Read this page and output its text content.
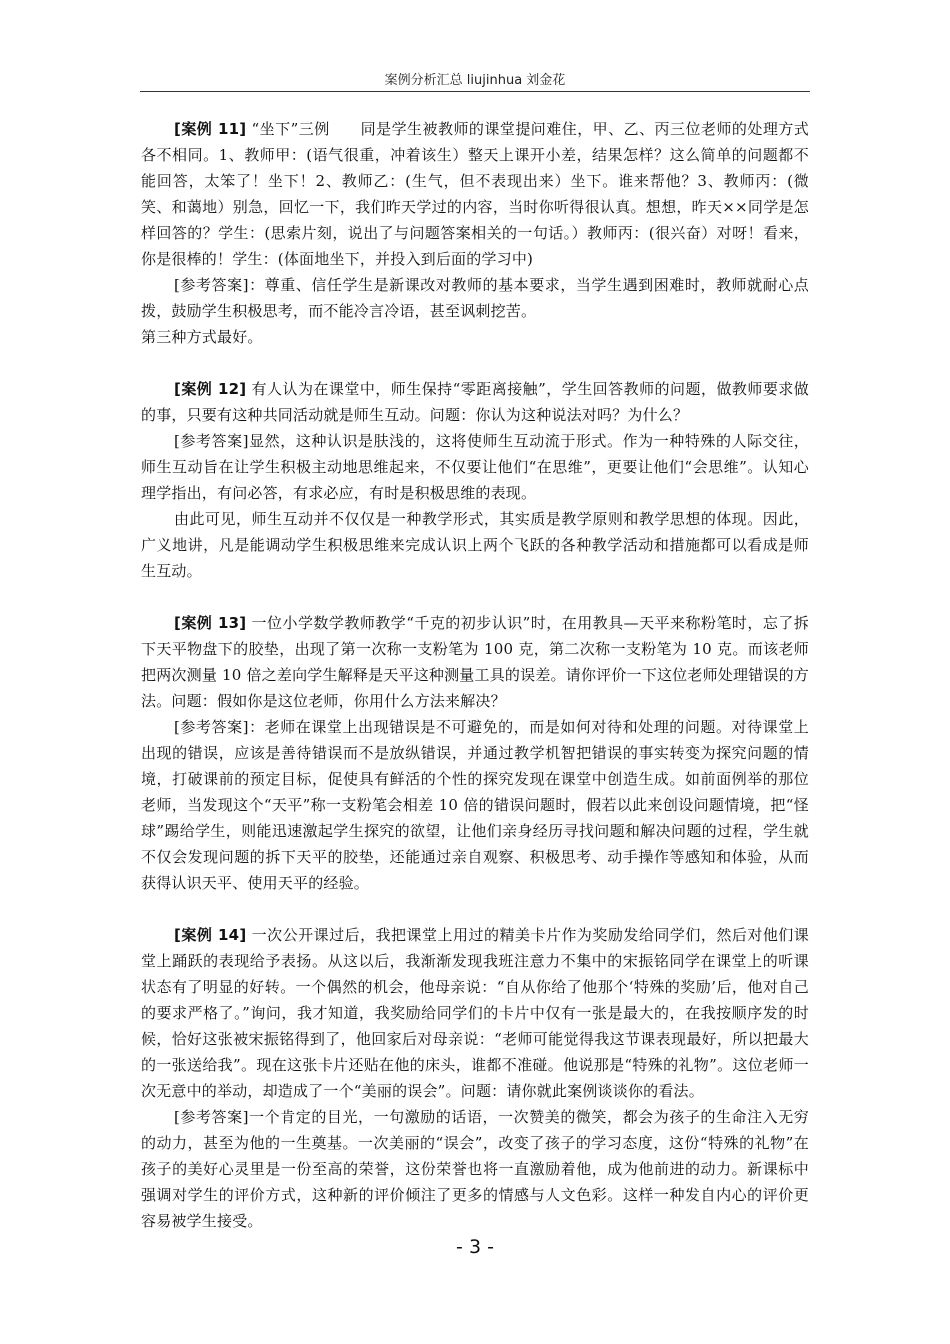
案例分析汇总 liujinhua 刘金花

[案例 11] “坐下”三例　　同是学生被教师的课堂提问难住，甲、乙、丙三位老师的处理方式各不相同。1、教师甲：(语气很重，冲着该生）整天上课开小差，结果怎样？这么简单的问题都不能回答，太笨了！坐下！2、教师乙：(生气，但不表现出来）坐下。谁来帮他？3、教师丙：(微笑、和蔼地）别急，回忆一下，我们昨天学过的内容，当时你听得很认真。想想，昨天××同学是怎样回答的？学生：(思索片刻，说出了与问题答案相关的一句话。）教师丙：(很兴奋）对呀！看来，你是很棒的！学生：(体面地坐下，并投入到后面的学习中)

[参考答案]：尊重、信任学生是新课改对教师的基本要求，当学生遇到困难时，教师就耐心点拨，鼓励学生积极思考，而不能冷言冷语，甚至讽刺挖苦。

第三种方式最好。

[案例 12] 有人认为在课堂中，师生保持“零距离接触”，学生回答教师的问题，做教师要求做的事，只要有这种共同活动就是师生互动。问题：你认为这种说法对吗？为什么？

[参考答案]显然，这种认识是肤浅的，这将使师生互动流于形式。作为一种特殊的人际交往，师生互动旨在让学生积极主动地思维起来，不仅要让他们“在思维”，更要让他们“会思维”。认知心理学指出，有问必答，有求必应，有时是积极思维的表现。

由此可见，师生互动并不仅仅是一种教学形式，其实质是教学原则和教学思想的体现。因此，广义地讲，凡是能调动学生积极思维来完成认识上两个飞跃的各种教学活动和措施都可以看成是师生互动。

[案例 13] 一位小学数学教师教学“千克的初步认识”时，在用教具—天平来称粉笔时，忘了拆下天平物盘下的胶垫，出现了第一次称一支粉笔为 100 克，第二次称一支粉笔为 10 克。而该老师把两次测量 10 倍之差向学生解释是天平这种测量工具的误差。请你评价一下这位老师处理错误的方法。问题：假如你是这位老师，你用什么方法来解决？

[参考答案]：老师在课堂上出现错误是不可避免的，而是如何对待和处理的问题。对待课堂上出现的错误，应该是善待错误而不是放纵错误，并通过教学机智把错误的事实转变为探究问题的情境，打破课前的预定目标，促使具有鲜活的个性的探究发现在课堂中创造生成。如前面例举的那位老师，当发现这个“天平”称一支粉笔会相差 10 倍的错误问题时，假若以此来创设问题情境，把“怪球”踢给学生，则能迅速激起学生探究的欲望，让他们亲身经历寻找问题和解决问题的过程，学生就不仅会发现问题的拆下天平的胶垫，还能通过亲自观察、积极思考、动手操作等感知和体验，从而获得认识天平、使用天平的经验。

[案例 14] 一次公开课过后，我把课堂上用过的精美卡片作为奖励发给同学们，然后对他们课堂上踊跃的表现给予表扬。从这以后，我渐渐发现我班注意力不集中的宋振铭同学在课堂上的听课状态有了明显的好转。一个偶然的机会，他母亲说：“自从你给了他那个‘特殊的奖励’后，他对自己的要求严格了。”询问，我才知道，我奖励给同学们的卡片中仅有一张是最大的，在我按顺序发的时候，恰好这张被宋振铭得到了，他回家后对母亲说：“老师可能觉得我这节课表现最好，所以把最大的一张送给我”。现在这张卡片还贴在他的床头，谁都不准碰。他说那是“特殊的礼物”。这位老师一次无意中的举动，却造成了一个“美丽的误会”。问题：请你就此案例谈谈你的看法。

[参考答案]一个肯定的目光，一句激励的话语，一次赞美的微笑，都会为孩子的生命注入无穷的动力，甚至为他的一生奠基。一次美丽的“误会”，改变了孩子的学习态度，这份“特殊的礼物”在孩子的美好心灵里是一份至高的荣誉，这份荣誉也将一直激励着他，成为他前进的动力。新课标中强调对学生的评价方式，这种新的评价倾注了更多的情感与人文色彩。这样一种发自内心的评价更容易被学生接受。

- 3 -
